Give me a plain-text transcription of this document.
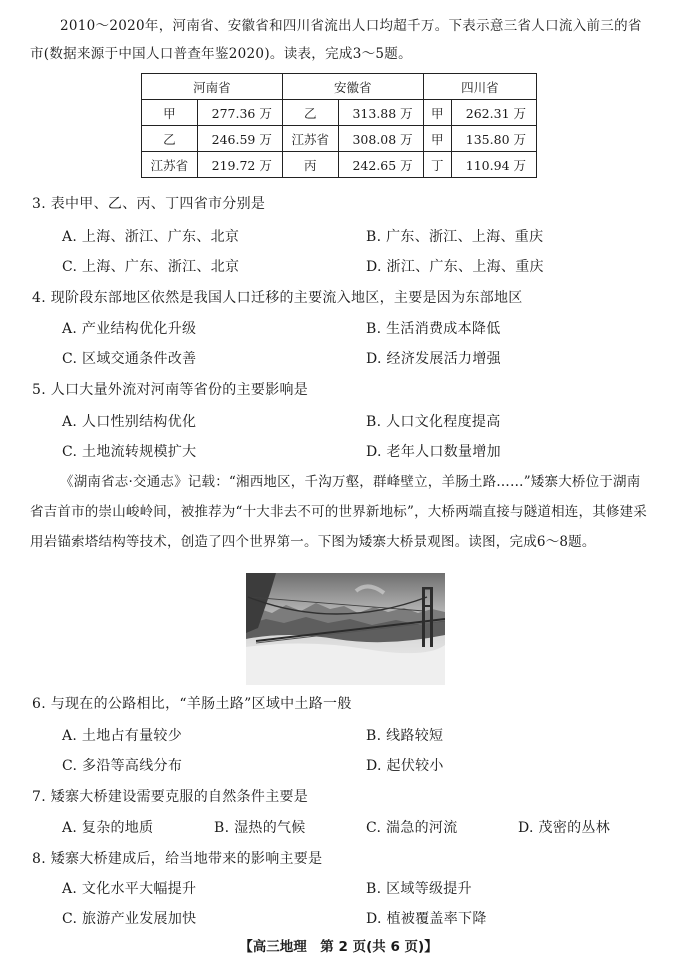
2010～2020年，河南省、安徽省和四川省流出人口均超千万。下表示意三省人口流入前三的省市(数据来源于中国人口普查年鉴2020)。读表，完成3～5题。
河南省		安徽省		四川省	
甲	277.36 万	乙	313.88 万	甲	262.31 万
乙	246.59 万	江苏省	308.08 万	甲	135.80 万
江苏省	219.72 万	丙	242.65 万	丁	110.94 万
3. 表中甲、乙、丙、丁四省市分别是
A. 上海、浙江、广东、北京	B. 广东、浙江、上海、重庆
C. 上海、广东、浙江、北京	D. 浙江、广东、上海、重庆
4. 现阶段东部地区依然是我国人口迁移的主要流入地区，主要是因为东部地区
A. 产业结构优化升级	B. 生活消费成本降低
C. 区域交通条件改善	D. 经济发展活力增强
5. 人口大量外流对河南等省份的主要影响是
A. 人口性别结构优化	B. 人口文化程度提高
C. 土地流转规模扩大	D. 老年人口数量增加
《湖南省志·交通志》记载：“湘西地区，千沟万壑，群峰壁立，羊肠土路……”矮寨大桥位于湖南省吉首市的崇山峻岭间，被推荐为“十大非去不可的世界新地标”，大桥两端直接与隧道相连，其修建采用岩锚索塔结构等技术，创造了四个世界第一。下图为矮寨大桥景观图。读图，完成6～8题。
6. 与现在的公路相比，“羊肠土路”区域中土路一般
A. 土地占有量较少	B. 线路较短
C. 多沿等高线分布	D. 起伏较小
7. 矮寨大桥建设需要克服的自然条件主要是
A. 复杂的地质	B. 湿热的气候	C. 湍急的河流	D. 茂密的丛林
8. 矮寨大桥建成后，给当地带来的影响主要是
A. 文化水平大幅提升	B. 区域等级提升
C. 旅游产业发展加快	D. 植被覆盖率下降
【高三地理　第 2 页(共 6 页)】
